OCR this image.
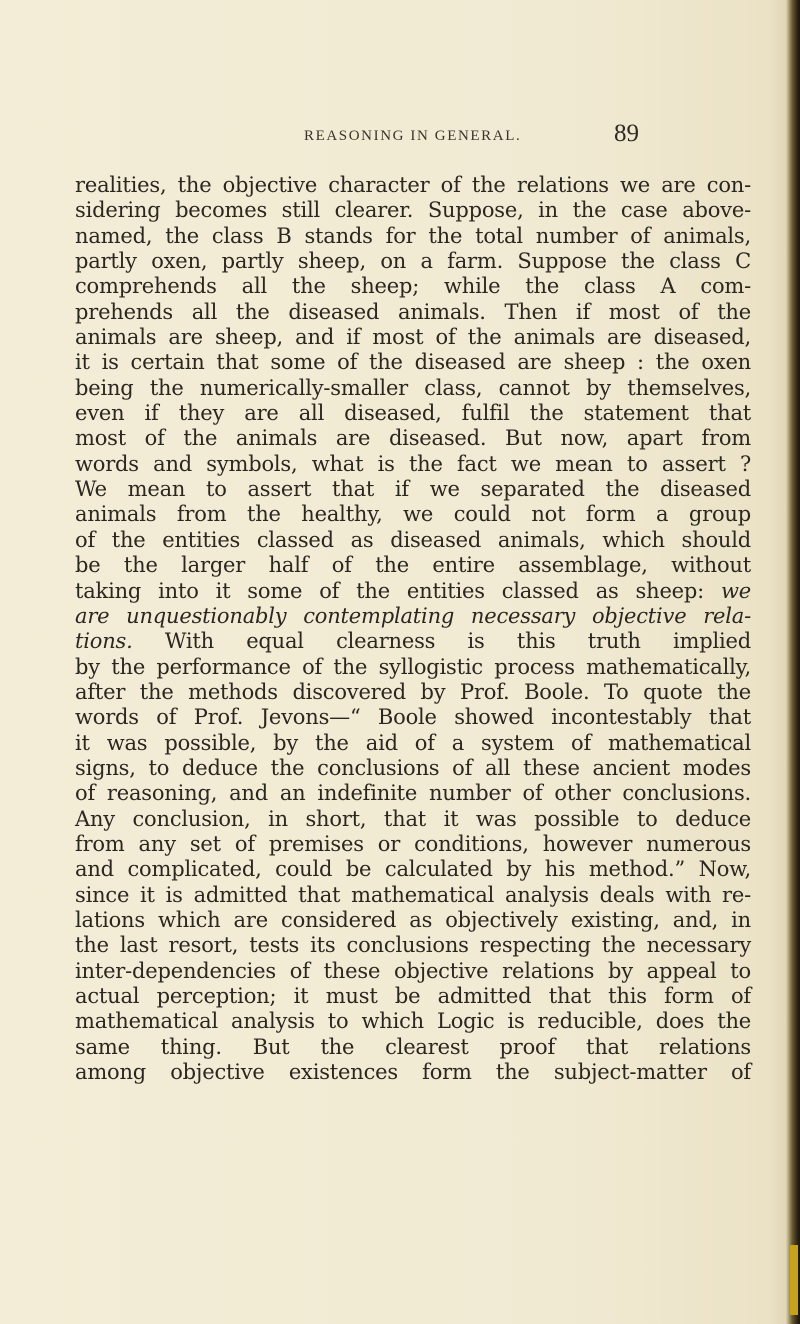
REASONING IN GENERAL.	89
realities, the objective character of the relations we are con-
sidering becomes still clearer. Suppose, in the case above-
named, the class B stands for the total number of animals,
partly oxen, partly sheep, on a farm. Suppose the class C
comprehends all the sheep; while the class A com-
prehends all the diseased animals. Then if most of the
animals are sheep, and if most of the animals are diseased,
it is certain that some of the diseased are sheep : the oxen
being the numerically-smaller class, cannot by themselves,
even if they are all diseased, fulfil the statement that
most of the animals are diseased. But now, apart from
words and symbols, what is the fact we mean to assert ?
We mean to assert that if we separated the diseased
animals from the healthy, we could not form a group
of the entities classed as diseased animals, which should
be the larger half of the entire assemblage, without
taking into it some of the entities classed as sheep: we
are unquestionably contemplating necessary objective rela-
tions. With equal clearness is this truth implied
by the performance of the syllogistic process mathematically,
after the methods discovered by Prof. Boole. To quote the
words of Prof. Jevons—“ Boole showed incontestably that
it was possible, by the aid of a system of mathematical
signs, to deduce the conclusions of all these ancient modes
of reasoning, and an indefinite number of other conclusions.
Any conclusion, in short, that it was possible to deduce
from any set of premises or conditions, however numerous
and complicated, could be calculated by his method.” Now,
since it is admitted that mathematical analysis deals with re-
lations which are considered as objectively existing, and, in
the last resort, tests its conclusions respecting the necessary
inter-dependencies of these objective relations by appeal to
actual perception; it must be admitted that this form of
mathematical analysis to which Logic is reducible, does the
same thing. But the clearest proof that relations
among objective existences form the subject-matter of
